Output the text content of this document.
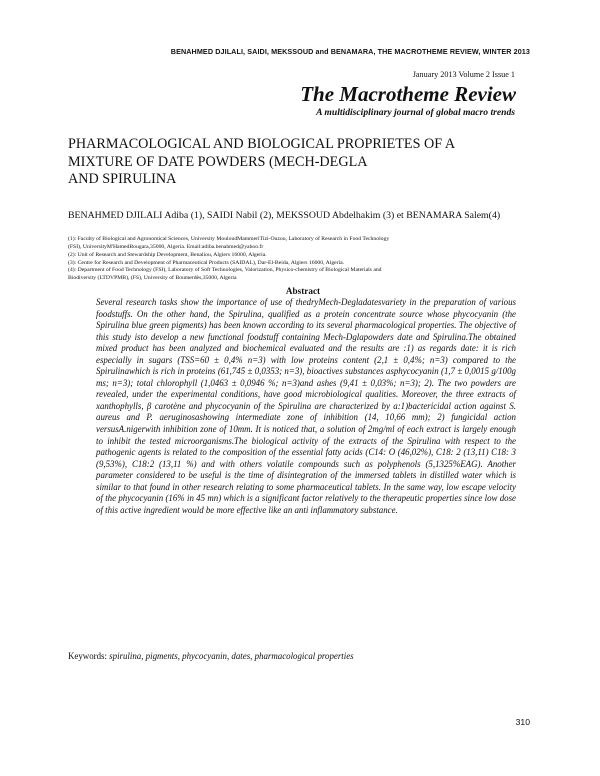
BENAHMED DJILALI, SAIDI, MEKSSOUD and BENAMARA, THE MACROTHEME REVIEW, WINTER 2013
January 2013 Volume 2 Issue 1
The Macrotheme Review
A multidisciplinary journal of global macro trends
PHARMACOLOGICAL AND BIOLOGICAL PROPRIETES OF A
MIXTURE OF DATE POWDERS (MECH-DEGLA
AND SPIRULINA
BENAHMED DJILALI Adiba (1), SAIDI Nabil (2), MEKSSOUD Abdelhakim (3) et BENAMARA Salem(4)
(1): Faculty of Biological and Agronomical Sciences, University MouloudMammeriTizi-Ouzou, Laboratory of Research in Food Technology
(FSI), UniversityM'HamedBougara,35000, Algeria. Email:adiba.benahmed@yahoo.fr
(2): Unit of Research and Stewardship Development, Benaliou, Algiers 16000, Algeria.
(3): Centre for Research and Development of Pharmaceutical Products (SAIDAL), Dar-El-Beida, Algiers 16000, Algeria.
(4): Department of Food Technology (FSI), Laboratory of Soft Technologies, Valorization, Physico-chemistry of Biological Materials and
Biodiversity (LTDVPMB), (FS), University of Boumerdès,35000, Algeria
Abstract
Several research tasks show the importance of use of thedryMech-Degladatesvariety in the preparation of various foodstuffs. On the other hand, the Spirulina, qualified as a protein concentrate source whose phycocyanin (the Spirulina blue green pigments) has been known according to its several pharmacological properties. The objective of this study isto develop a new functional foodstuff containing Mech-Dglapowders date and Spirulina.The obtained mixed product has been analyzed and biochemical evaluated and the results are :1) as regards date: it is rich especially in sugars (TSS=60 ± 0,4% n=3) with low proteins content (2,1 ± 0,4%; n=3) compared to the Spirulinawhich is rich in proteins (61,745 ± 0,0353; n=3), bioactives substances asphycocyanin (1,7 ± 0,0015 g/100g ms; n=3); total chlorophyll (1,0463 ± 0,0946 %; n=3)and ashes (9,41 ± 0,03%; n=3); 2). The two powders are revealed, under the experimental conditions, have good microbiological qualities. Moreover, the three extracts of xanthophylls, β carotène and phycocyanin of the Spirulina are characterized by a:1)bactericidal action against S. aureus and P. aeruginosashowing intermediate zone of inhibition (14, 10,66 mm); 2) fungicidal action versusA.nigerwith inhibition zone of 10mm. It is noticed that, a solution of 2mg/ml of each extract is largely enough to inhibit the tested microorganisms.The biological activity of the extracts of the Spirulina with respect to the pathogenic agents is related to the composition of the essential fatty acids (C14: O (46,02%), C18: 2 (13,11) C18: 3 (9,53%), C18:2 (13,11 %) and with others volatile compounds such as polyphenols (5,1325%EAG). Another parameter considered to be useful is the time of disintegration of the immersed tablets in distilled water which is similar to that found in other research relating to some pharmaceutical tablets. In the same way, low escape velocity of the phycocyanin (16% in 45 mn) which is a significant factor relatively to the therapeutic properties since low dose of this active ingredient would be more effective like an anti inflammatory substance.
Keywords: spirulina, pigments, phycocyanin, dates, pharmacological properties
310
